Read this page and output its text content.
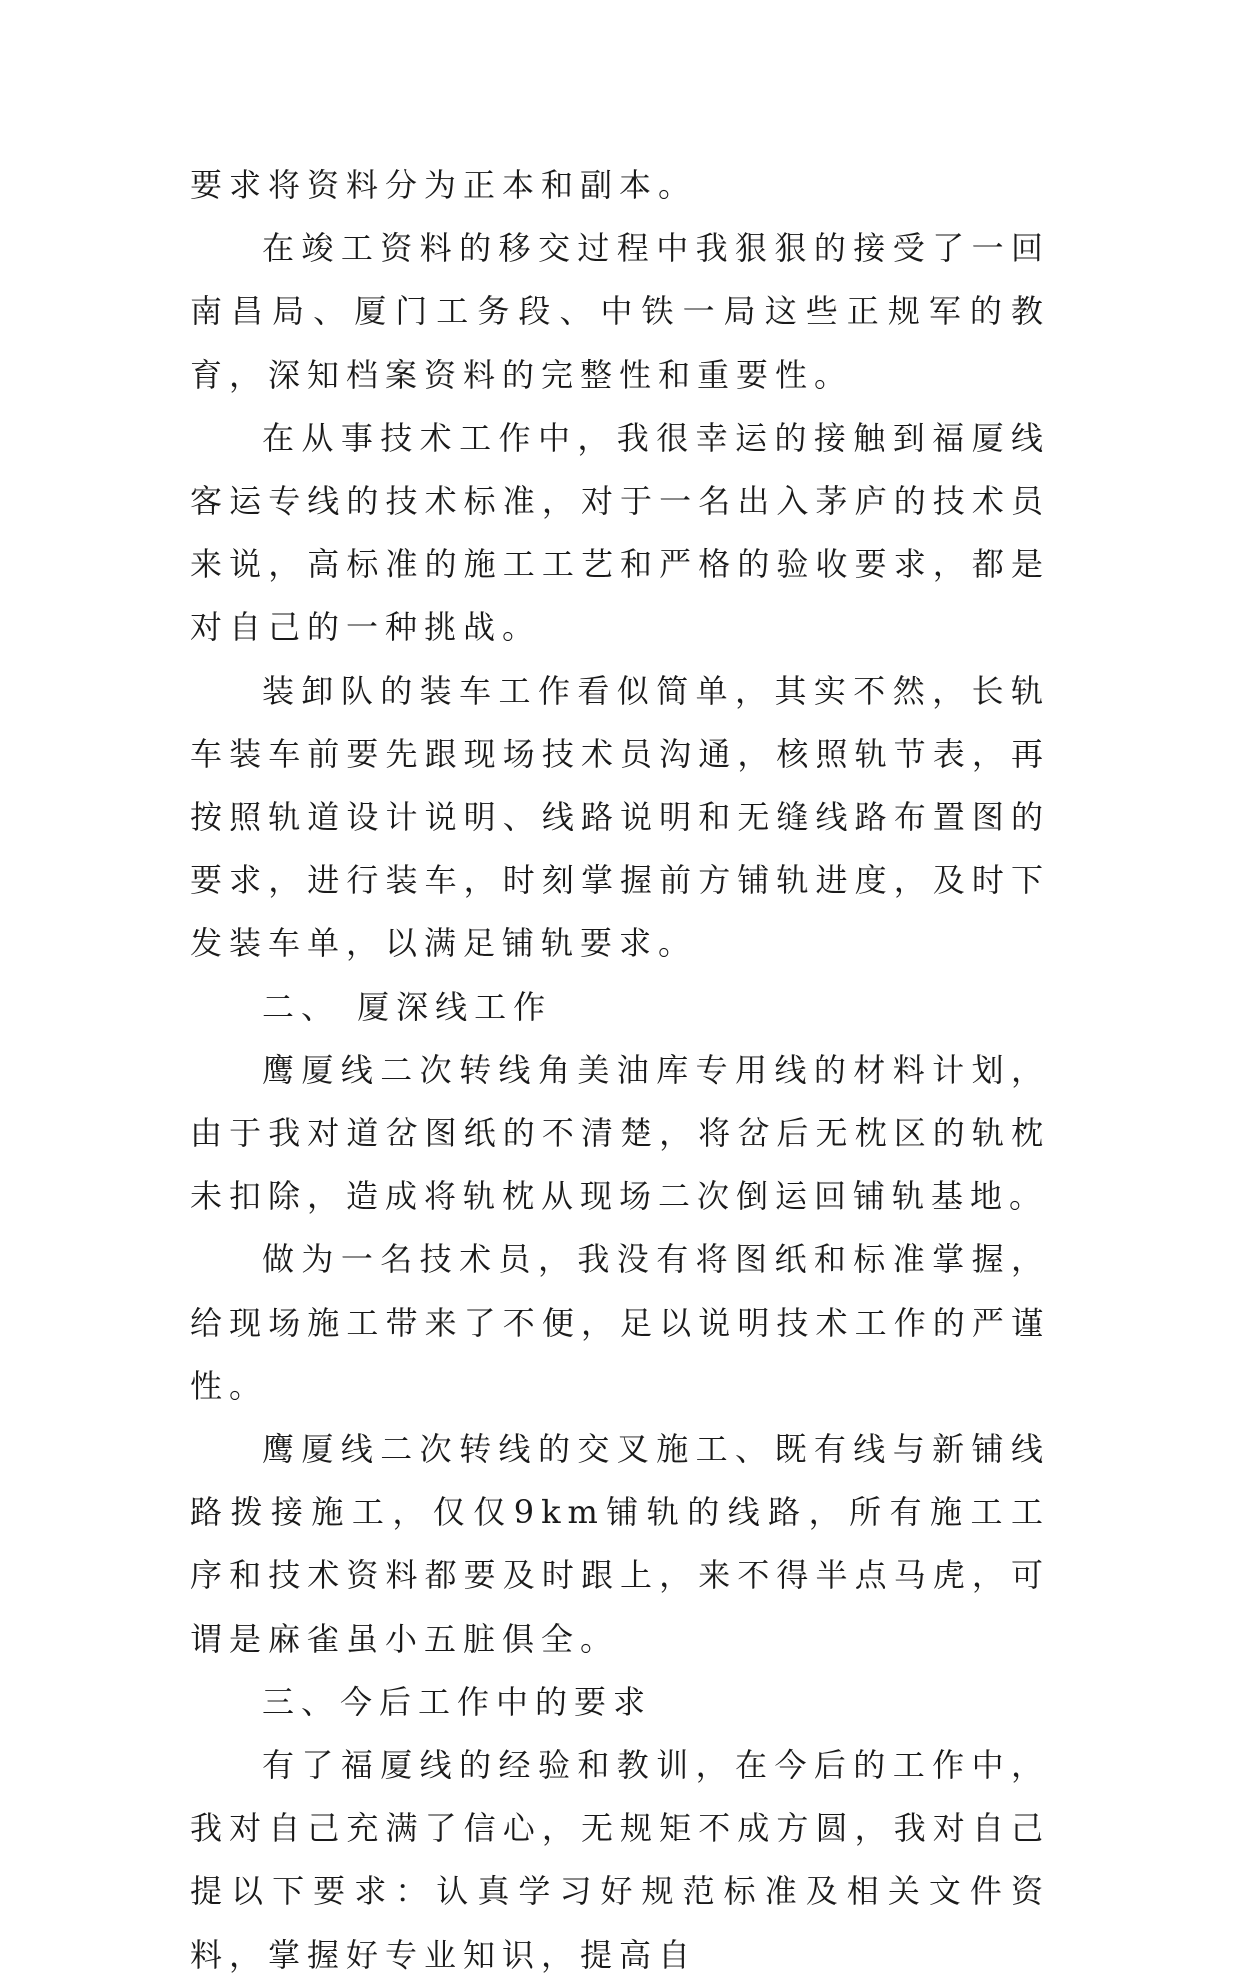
要求将资料分为正本和副本。

在竣工资料的移交过程中我狠狠的接受了一回南昌局、厦门工务段、中铁一局这些正规军的教育，深知档案资料的完整性和重要性。

在从事技术工作中，我很幸运的接触到福厦线客运专线的技术标准，对于一名出入茅庐的技术员来说，高标准的施工工艺和严格的验收要求，都是对自己的一种挑战。

装卸队的装车工作看似简单，其实不然，长轨车装车前要先跟现场技术员沟通，核照轨节表，再按照轨道设计说明、线路说明和无缝线路布置图的要求，进行装车，时刻掌握前方铺轨进度，及时下发装车单，以满足铺轨要求。

二、 厦深线工作

鹰厦线二次转线角美油库专用线的材料计划，由于我对道岔图纸的不清楚，将岔后无枕区的轨枕未扣除，造成将轨枕从现场二次倒运回铺轨基地。

做为一名技术员，我没有将图纸和标准掌握，给现场施工带来了不便，足以说明技术工作的严谨性。

鹰厦线二次转线的交叉施工、既有线与新铺线路拨接施工，仅仅9km铺轨的线路，所有施工工序和技术资料都要及时跟上，来不得半点马虎，可谓是麻雀虽小五脏俱全。

三、今后工作中的要求

有了福厦线的经验和教训，在今后的工作中，我对自己充满了信心，无规矩不成方圆，我对自己提以下要求：认真学习好规范标准及相关文件资料，掌握好专业知识，提高自
